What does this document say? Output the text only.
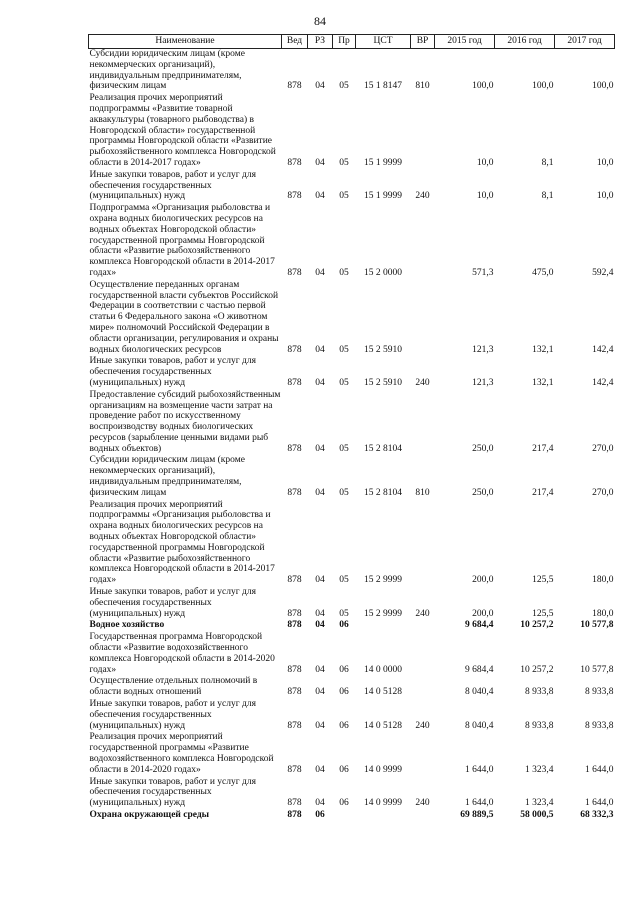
84
Наименование	Вед	РЗ	Пр	ЦСТ	ВР	2015 год	2016 год	2017 год
Субсидии юридическим лицам (кроме некоммерческих организаций), индивидуальным предпринимателям, физическим лицам	878	04	05	15 1 8147	810	100,0	100,0	100,0
Реализация прочих мероприятий подпрограммы «Развитие товарной аквакультуры (товарного рыбоводства) в Новгородской области» государственной программы Новгородской области «Развитие рыбохозяйственного комплекса Новгородской области в 2014-2017 годах»	878	04	05	15 1 9999		10,0	8,1	10,0
Иные закупки товаров, работ и услуг для обеспечения государственных (муниципальных) нужд	878	04	05	15 1 9999	240	10,0	8,1	10,0
Подпрограмма «Организация рыболовства и охрана водных биологических ресурсов на водных объектах Новгородской области» государственной программы Новгородской области «Развитие рыбохозяйственного комплекса Новгородской области в 2014-2017 годах»	878	04	05	15 2 0000		571,3	475,0	592,4
Осуществление переданных органам государственной власти субъектов Российской Федерации в соответствии с частью первой статьи 6 Федерального закона «О животном мире» полномочий Российской Федерации в области организации, регулирования и охраны водных биологических ресурсов	878	04	05	15 2 5910		121,3	132,1	142,4
Иные закупки товаров, работ и услуг для обеспечения государственных (муниципальных) нужд	878	04	05	15 2 5910	240	121,3	132,1	142,4
Предоставление субсидий рыбохозяйственным организациям на возмещение части затрат на проведение работ по искусственному воспроизводству водных биологических ресурсов (зарыбление ценными видами рыб водных объектов)	878	04	05	15 2 8104		250,0	217,4	270,0
Субсидии юридическим лицам (кроме некоммерческих организаций), индивидуальным предпринимателям, физическим лицам	878	04	05	15 2 8104	810	250,0	217,4	270,0
Реализация прочих мероприятий подпрограммы «Организация рыболовства и охрана водных биологических ресурсов на водных объектах Новгородской области» государственной программы Новгородской области «Развитие рыбохозяйственного комплекса Новгородской области в 2014-2017 годах»	878	04	05	15 2 9999		200,0	125,5	180,0
Иные закупки товаров, работ и услуг для обеспечения государственных (муниципальных) нужд	878	04	05	15 2 9999	240	200,0	125,5	180,0
Водное хозяйство	878	04	06			9 684,4	10 257,2	10 577,8
Государственная программа Новгородской области «Развитие водохозяйственного комплекса Новгородской области в 2014-2020 годах»	878	04	06	14 0 0000		9 684,4	10 257,2	10 577,8
Осуществление отдельных полномочий в области водных отношений	878	04	06	14 0 5128		8 040,4	8 933,8	8 933,8
Иные закупки товаров, работ и услуг для обеспечения государственных (муниципальных) нужд	878	04	06	14 0 5128	240	8 040,4	8 933,8	8 933,8
Реализация прочих мероприятий государственной программы «Развитие водохозяйственного комплекса Новгородской области в 2014-2020 годах»	878	04	06	14 0 9999		1 644,0	1 323,4	1 644,0
Иные закупки товаров, работ и услуг для обеспечения государственных (муниципальных) нужд	878	04	06	14 0 9999	240	1 644,0	1 323,4	1 644,0
Охрана окружающей среды	878	06				69 889,5	58 000,5	68 332,3
